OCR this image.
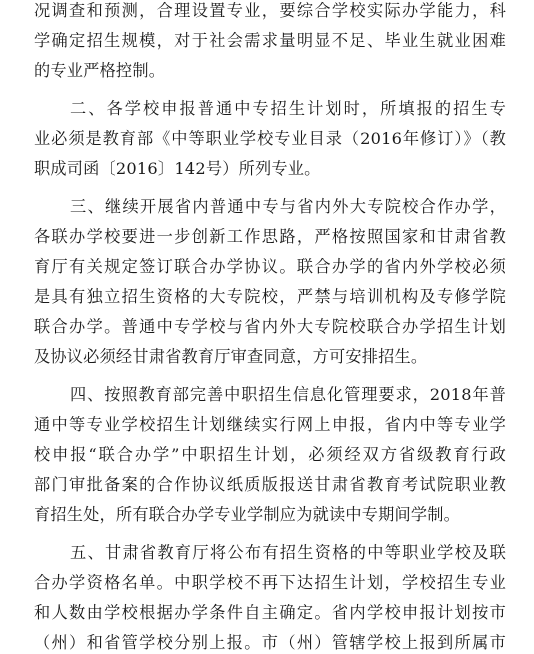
况调查和预测，合理设置专业，要综合学校实际办学能力，科

学确定招生规模，对于社会需求量明显不足、毕业生就业困难

的专业严格控制。

二、各学校申报普通中专招生计划时，所填报的招生专

业必须是教育部《中等职业学校专业目录（2016年修订）》（教

职成司函〔2016〕142号）所列专业。

三、继续开展省内普通中专与省内外大专院校合作办学，

各联办学校要进一步创新工作思路，严格按照国家和甘肃省教

育厅有关规定签订联合办学协议。联合办学的省内外学校必须

是具有独立招生资格的大专院校，严禁与培训机构及专修学院

联合办学。普通中专学校与省内外大专院校联合办学招生计划

及协议必须经甘肃省教育厅审查同意，方可安排招生。

四、按照教育部完善中职招生信息化管理要求，2018年普

通中等专业学校招生计划继续实行网上申报，省内中等专业学

校申报“联合办学”中职招生计划，必须经双方省级教育行政

部门审批备案的合作协议纸质版报送甘肃省教育考试院职业教

育招生处，所有联合办学专业学制应为就读中专期间学制。

五、甘肃省教育厅将公布有招生资格的中等职业学校及联

合办学资格名单。中职学校不再下达招生计划，学校招生专业

和人数由学校根据办学条件自主确定。省内学校申报计划按市

（州）和省管学校分别上报。市（州）管辖学校上报到所属市
